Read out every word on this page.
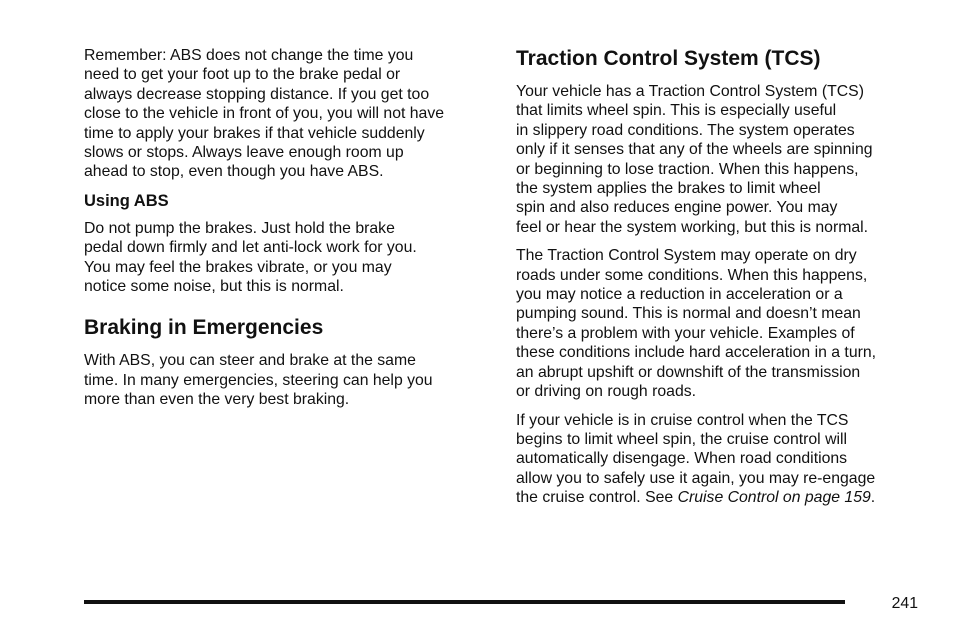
Remember: ABS does not change the time you
need to get your foot up to the brake pedal or
always decrease stopping distance. If you get too
close to the vehicle in front of you, you will not have
time to apply your brakes if that vehicle suddenly
slows or stops. Always leave enough room up
ahead to stop, even though you have ABS.

Using ABS

Do not pump the brakes. Just hold the brake
pedal down firmly and let anti-lock work for you.
You may feel the brakes vibrate, or you may
notice some noise, but this is normal.

Braking in Emergencies

With ABS, you can steer and brake at the same
time. In many emergencies, steering can help you
more than even the very best braking.

Traction Control System (TCS)

Your vehicle has a Traction Control System (TCS)
that limits wheel spin. This is especially useful
in slippery road conditions. The system operates
only if it senses that any of the wheels are spinning
or beginning to lose traction. When this happens,
the system applies the brakes to limit wheel
spin and also reduces engine power. You may
feel or hear the system working, but this is normal.

The Traction Control System may operate on dry
roads under some conditions. When this happens,
you may notice a reduction in acceleration or a
pumping sound. This is normal and doesn’t mean
there’s a problem with your vehicle. Examples of
these conditions include hard acceleration in a turn,
an abrupt upshift or downshift of the transmission
or driving on rough roads.

If your vehicle is in cruise control when the TCS
begins to limit wheel spin, the cruise control will
automatically disengage. When road conditions
allow you to safely use it again, you may re-engage
the cruise control. See Cruise Control on page 159.

241
